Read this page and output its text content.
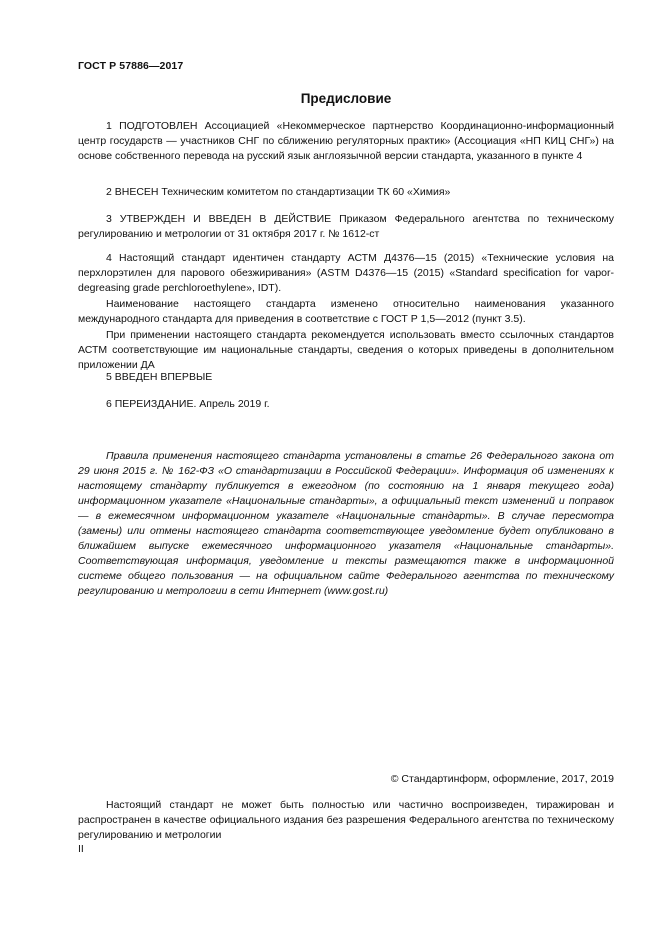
ГОСТ Р 57886—2017
Предисловие

1 ПОДГОТОВЛЕН Ассоциацией «Некоммерческое партнерство Координационно-информационный центр государств — участников СНГ по сближению регуляторных практик» (Ассоциация «НП КИЦ СНГ») на основе собственного перевода на русский язык англоязычной версии стандарта, указанного в пункте 4

2 ВНЕСЕН Техническим комитетом по стандартизации ТК 60 «Химия»

3 УТВЕРЖДЕН И ВВЕДЕН В ДЕЙСТВИЕ Приказом Федерального агентства по техническому регулированию и метрологии от 31 октября 2017 г. № 1612-ст

4 Настоящий стандарт идентичен стандарту АСТМ Д4376—15 (2015) «Технические условия на перхлорэтилен для парового обезжиривания» (ASTM D4376—15 (2015) «Standard specification for vapor-degreasing grade perchloroethylene», IDT).

Наименование настоящего стандарта изменено относительно наименования указанного международного стандарта для приведения в соответствие с ГОСТ Р 1,5—2012 (пункт 3.5).

При применении настоящего стандарта рекомендуется использовать вместо ссылочных стандартов АСТМ соответствующие им национальные стандарты, сведения о которых приведены в дополнительном приложении ДА

5 ВВЕДЕН ВПЕРВЫЕ

6 ПЕРЕИЗДАНИЕ. Апрель 2019 г.

Правила применения настоящего стандарта установлены в статье 26 Федерального закона от 29 июня 2015 г. № 162-ФЗ «О стандартизации в Российской Федерации». Информация об изменениях к настоящему стандарту публикуется в ежегодном (по состоянию на 1 января текущего года) информационном указателе «Национальные стандарты», а официальный текст изменений и поправок — в ежемесячном информационном указателе «Национальные стандарты». В случае пересмотра (замены) или отмены настоящего стандарта соответствующее уведомление будет опубликовано в ближайшем выпуске ежемесячного информационного указателя «Национальные стандарты». Соответствующая информация, уведомление и тексты размещаются также в информационной системе общего пользования — на официальном сайте Федерального агентства по техническому регулированию и метрологии в сети Интернет (www.gost.ru)

© Стандартинформ, оформление, 2017, 2019

Настоящий стандарт не может быть полностью или частично воспроизведен, тиражирован и распространен в качестве официального издания без разрешения Федерального агентства по техническому регулированию и метрологии

II
